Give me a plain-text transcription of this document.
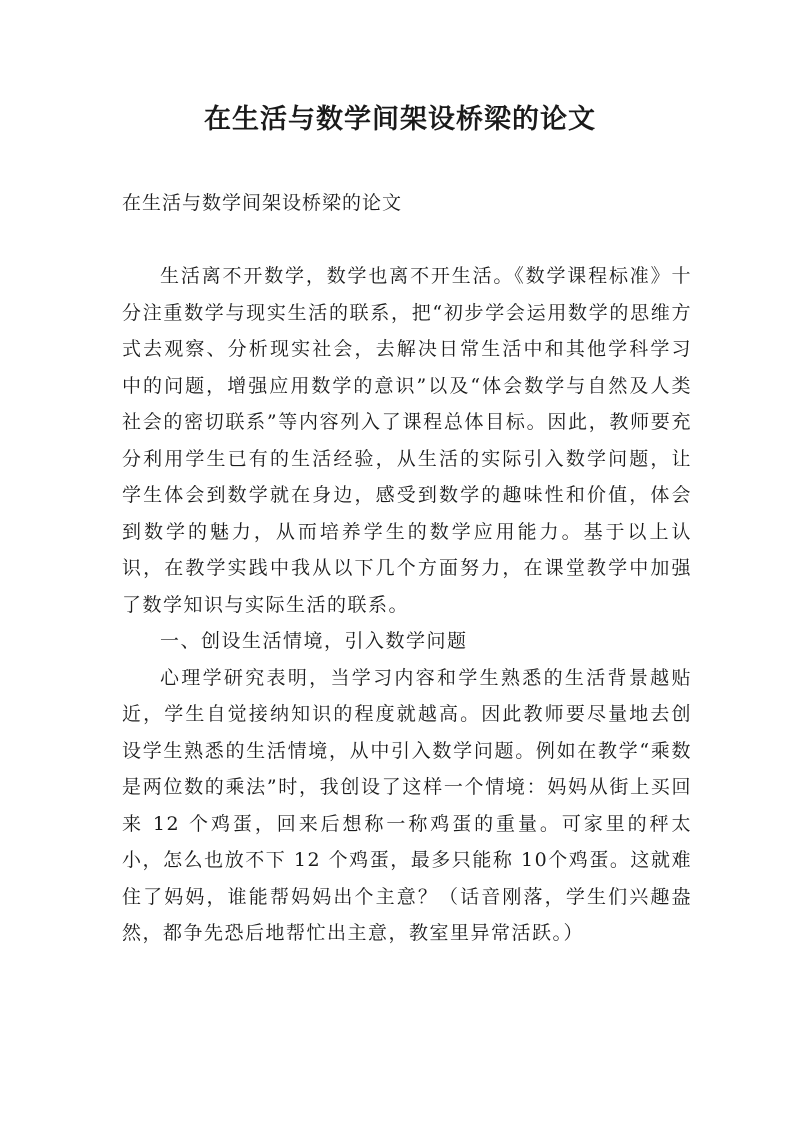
在生活与数学间架设桥梁的论文
在生活与数学间架设桥梁的论文

生活离不开数学，数学也离不开生活。《数学课程标准》十分注重数学与现实生活的联系，把“初步学会运用数学的思维方式去观察、分析现实社会，去解决日常生活中和其他学科学习中的问题，增强应用数学的意识”以及“体会数学与自然及人类社会的密切联系”等内容列入了课程总体目标。因此，教师要充分利用学生已有的生活经验，从生活的实际引入数学问题，让学生体会到数学就在身边，感受到数学的趣味性和价值，体会到数学的魅力，从而培养学生的数学应用能力。基于以上认识，在教学实践中我从以下几个方面努力，在课堂教学中加强了数学知识与实际生活的联系。

一、创设生活情境，引入数学问题

心理学研究表明，当学习内容和学生熟悉的生活背景越贴近，学生自觉接纳知识的程度就越高。因此教师要尽量地去创设学生熟悉的生活情境，从中引入数学问题。例如在教学“乘数是两位数的乘法”时，我创设了这样一个情境：妈妈从街上买回来 12 个鸡蛋，回来后想称一称鸡蛋的重量。可家里的秤太小，怎么也放不下 12 个鸡蛋，最多只能称 10个鸡蛋。这就难住了妈妈，谁能帮妈妈出个主意？（话音刚落，学生们兴趣盎然，都争先恐后地帮忙出主意，教室里异常活跃。）
